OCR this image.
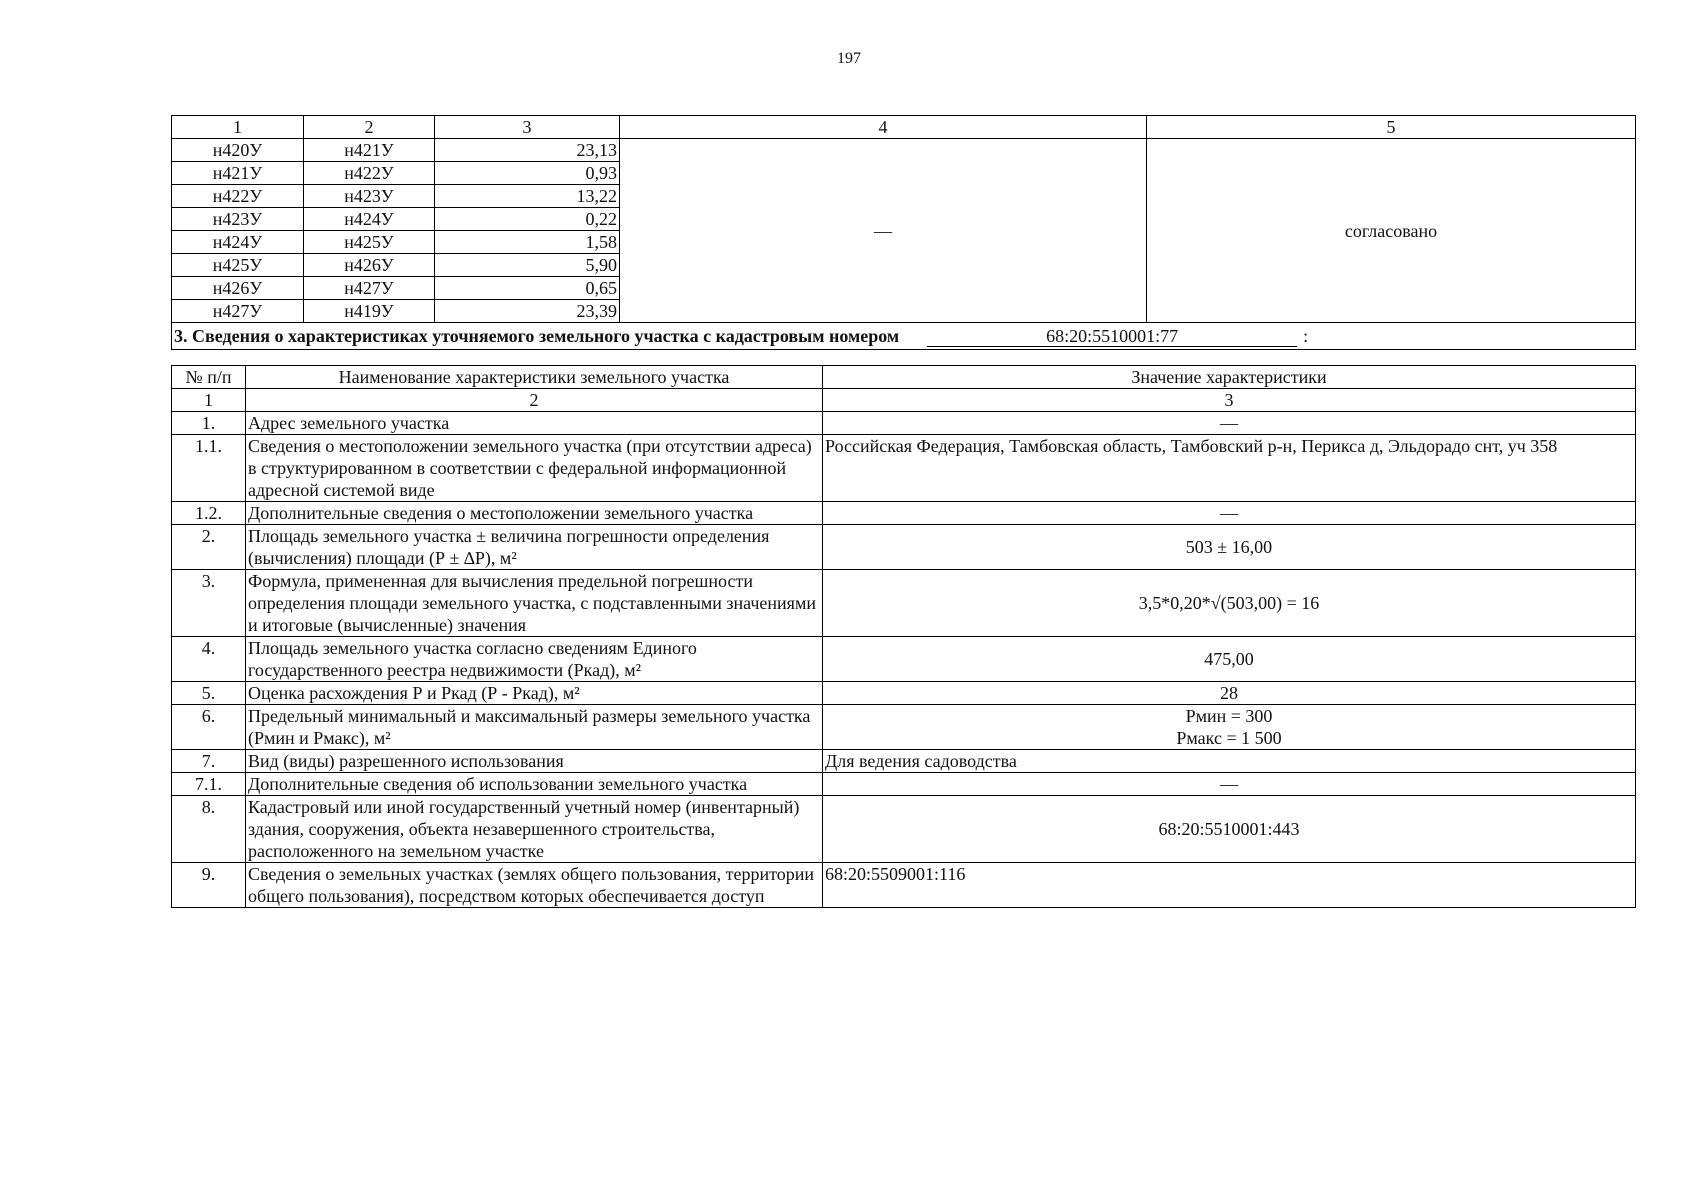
197
1	2	3	4	5
н420У	н421У	23,13	—	согласовано
н421У	н422У	0,93		
н422У	н423У	13,22		
н423У	н424У	0,22		
н424У	н425У	1,58		
н425У	н426У	5,90		
н426У	н427У	0,65		
н427У	н419У	23,39		

3. Сведения о характеристиках уточняемого земельного участка с кадастровым номером 68:20:5510001:77 :				
№ п/п	Наименование характеристики земельного участка	Значение характеристики
1	2	3
1.	Адрес земельного участка	—
1.1.	Сведения о местоположении земельного участка (при отсутствии адреса) в структурированном в соответствии с федеральной информационной адресной системой виде	Российская Федерация, Тамбовская область, Тамбовский р-н, Перикса д, Эльдорадо снт, уч 358
1.2.	Дополнительные сведения о местоположении земельного участка	—
2.	Площадь земельного участка ± величина погрешности определения (вычисления) площади (Р ± ∆Р), м²	503 ± 16,00
3.	Формула, примененная для вычисления предельной погрешности определения площади земельного участка, с подставленными значениями и итоговые (вычисленные) значения	3,5*0,20*√(503,00) = 16
4.	Площадь земельного участка согласно сведениям Единого государственного реестра недвижимости (Ркад), м²	475,00
5.	Оценка расхождения Р и Ркад (Р - Ркад), м²	28
6.	Предельный минимальный и максимальный размеры земельного участка (Рмин и Рмакс), м²	Рмин = 300
Рмакс = 1 500

7.	Вид (виды) разрешенного использования	Для ведения садоводства
7.1.	Дополнительные сведения об использовании земельного участка	—
8.	Кадастровый или иной государственный учетный номер (инвентарный) здания, сооружения, объекта незавершенного строительства, расположенного на земельном участке	68:20:5510001:443
9.	Сведения о земельных участках (землях общего пользования, территории общего пользования), посредством которых обеспечивается доступ	68:20:5509001:116
